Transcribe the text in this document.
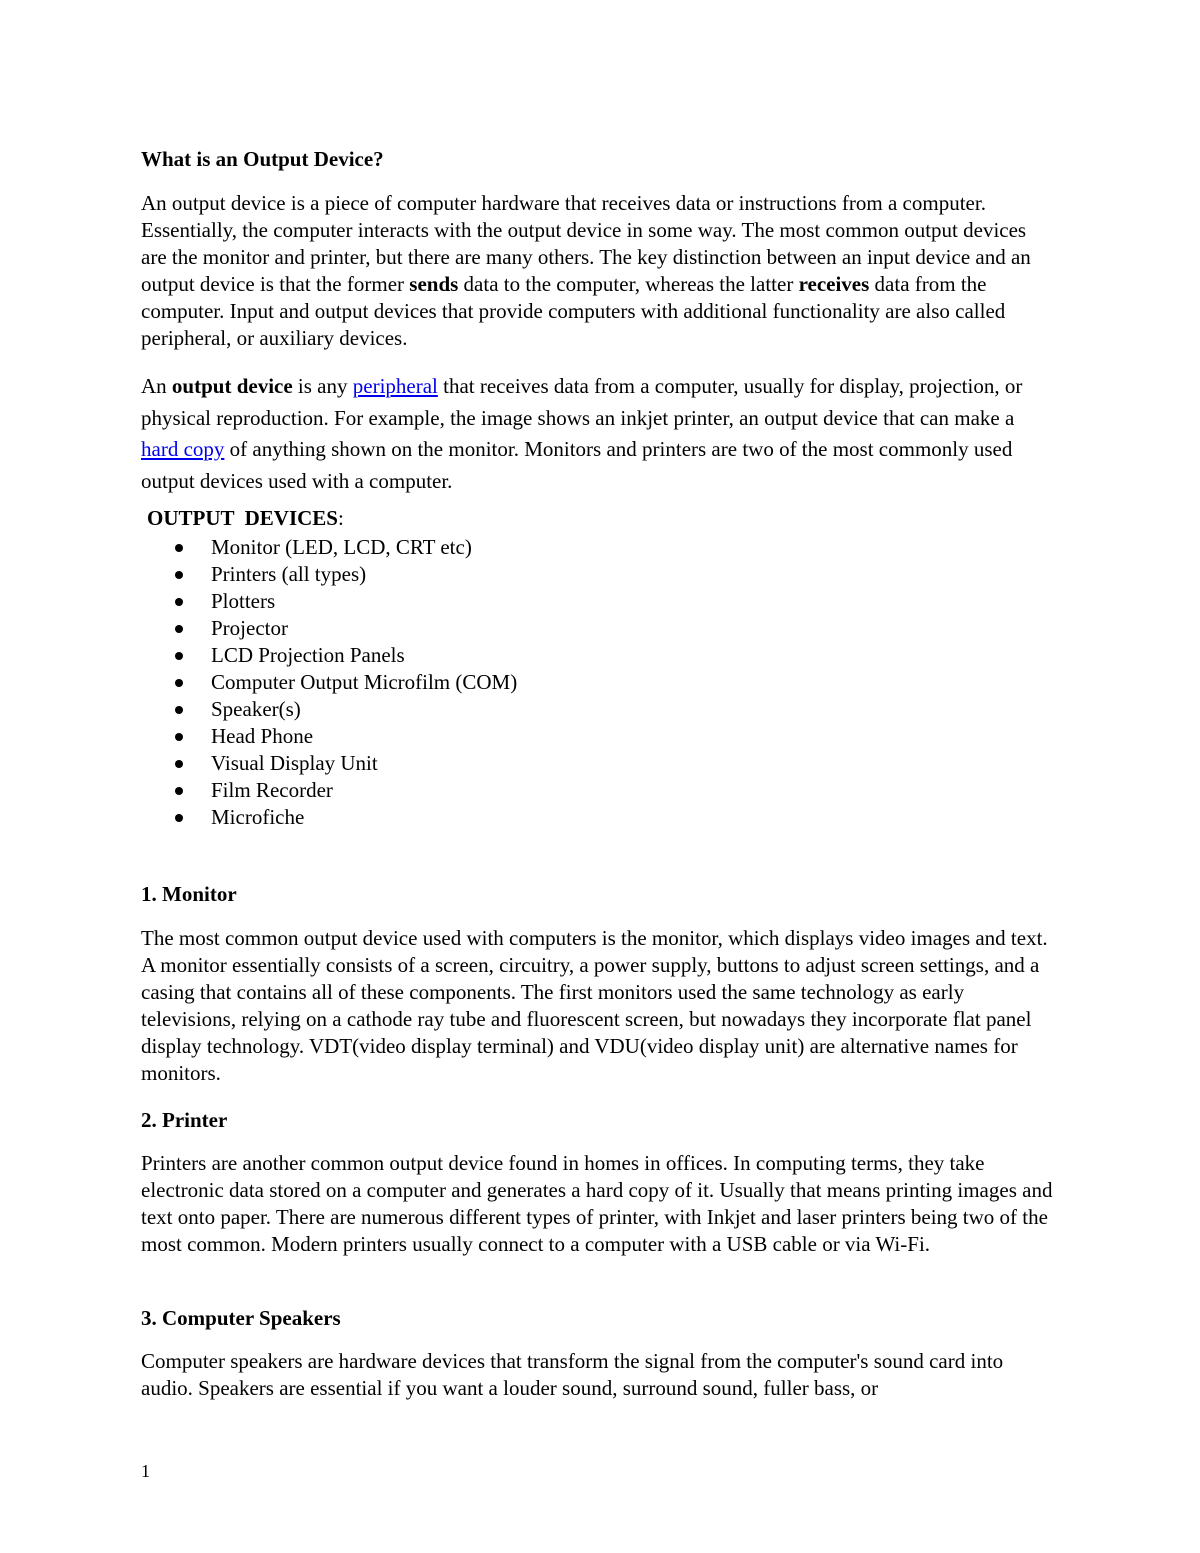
What is an Output Device?

An output device is a piece of computer hardware that receives data or instructions from a computer. Essentially, the computer interacts with the output device in some way. The most common output devices are the monitor and printer, but there are many others. The key distinction between an input device and an output device is that the former sends data to the computer, whereas the latter receives data from the computer. Input and output devices that provide computers with additional functionality are also called peripheral, or auxiliary devices.

An output device is any peripheral that receives data from a computer, usually for display, projection, or physical reproduction. For example, the image shows an inkjet printer, an output device that can make a hard copy of anything shown on the monitor. Monitors and printers are two of the most commonly used output devices used with a computer.

OUTPUT  DEVICES:
Monitor (LED, LCD, CRT etc)
Printers (all types)
Plotters
Projector
LCD Projection Panels
Computer Output Microfilm (COM)
Speaker(s)
Head Phone
Visual Display Unit
Film Recorder
Microfiche
1. Monitor

The most common output device used with computers is the monitor, which displays video images and text. A monitor essentially consists of a screen, circuitry, a power supply, buttons to adjust screen settings, and a casing that contains all of these components. The first monitors used the same technology as early televisions, relying on a cathode ray tube and fluorescent screen, but nowadays they incorporate flat panel display technology. VDT(video display terminal) and VDU(video display unit) are alternative names for monitors.

2. Printer

Printers are another common output device found in homes in offices. In computing terms, they take electronic data stored on a computer and generates a hard copy of it. Usually that means printing images and text onto paper. There are numerous different types of printer, with Inkjet and laser printers being two of the most common. Modern printers usually connect to a computer with a USB cable or via Wi-Fi.

3. Computer Speakers

Computer speakers are hardware devices that transform the signal from the computer's sound card into audio. Speakers are essential if you want a louder sound, surround sound, fuller bass, or

1
